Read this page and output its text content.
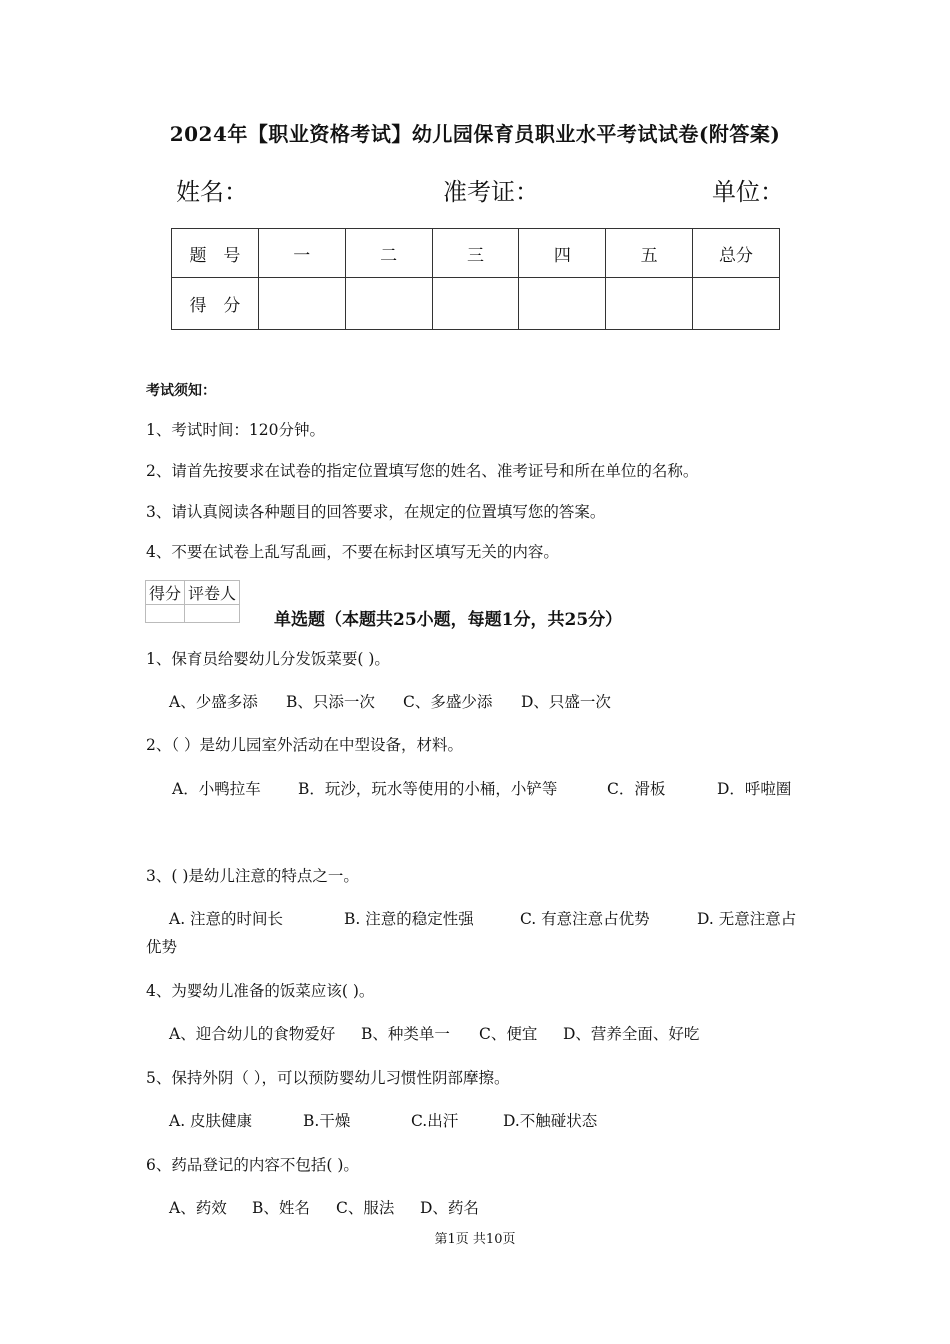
2024年【职业资格考试】幼儿园保育员职业水平考试试卷(附答案)
姓名：	准考证：	单位：
题　号	一	二	三	四	五	总分
得　分						
考试须知：
1、考试时间：120分钟。
2、请首先按要求在试卷的指定位置填写您的姓名、准考证号和所在单位的名称。
3、请认真阅读各种题目的回答要求，在规定的位置填写您的答案。
4、不要在试卷上乱写乱画，不要在标封区填写无关的内容。
得分	评卷人

单选题（本题共25小题，每题1分，共25分）
1、保育员给婴幼儿分发饭菜要( )。
A、少盛多添 B、只添一次 C、多盛少添 D、只盛一次
2、（ ）是幼儿园室外活动在中型设备，材料。
A．小鸭拉车 B．玩沙，玩水等使用的小桶，小铲等	C．滑板	D．呼啦圈
3、( )是幼儿注意的特点之一。
A. 注意的时间长	B. 注意的稳定性强	C. 有意注意占优势	D. 无意注意占
优势
4、为婴幼儿准备的饭菜应该( )。
A、迎合幼儿的食物爱好 B、种类单一 C、便宜 D、营养全面、好吃
5、保持外阴（ ），可以预防婴幼儿习惯性阴部摩擦。
A. 皮肤健康	B.干燥	C.出汗	D.不触碰状态
6、药品登记的内容不包括( )。
A、药效 B、姓名 C、服法 D、药名
第1页 共10页
